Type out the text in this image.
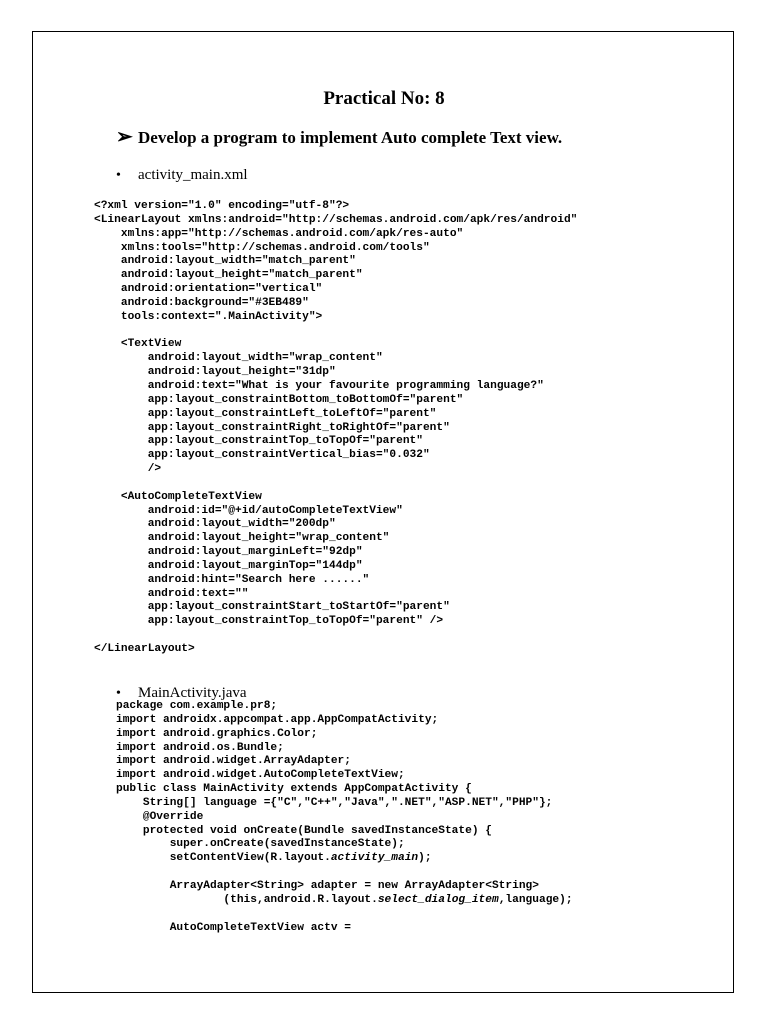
Practical No: 8
➢ Develop a program to implement Auto complete Text view.
• activity_main.xml
<?xml version="1.0" encoding="utf-8"?>
<LinearLayout xmlns:android="http://schemas.android.com/apk/res/android"
xmlns:app="http://schemas.android.com/apk/res-auto"
xmlns:tools="http://schemas.android.com/tools"
android:layout_width="match_parent"
android:layout_height="match_parent"
android:orientation="vertical"
android:background="#3EB489"
tools:context=".MainActivity">

<TextView
android:layout_width="wrap_content"
android:layout_height="31dp"
android:text="What is your favourite programming language?"
app:layout_constraintBottom_toBottomOf="parent"
app:layout_constraintLeft_toLeftOf="parent"
app:layout_constraintRight_toRightOf="parent"
app:layout_constraintTop_toTopOf="parent"
app:layout_constraintVertical_bias="0.032"
/>

<AutoCompleteTextView
android:id="@+id/autoCompleteTextView"
android:layout_width="200dp"
android:layout_height="wrap_content"
android:layout_marginLeft="92dp"
android:layout_marginTop="144dp"
android:hint="Search here ......"
android:text=""
app:layout_constraintStart_toStartOf="parent"
app:layout_constraintTop_toTopOf="parent" />

</LinearLayout>

• MainActivity.java
package com.example.pr8;
import androidx.appcompat.app.AppCompatActivity;
import android.graphics.Color;
import android.os.Bundle;
import android.widget.ArrayAdapter;
import android.widget.AutoCompleteTextView;
public class MainActivity extends AppCompatActivity {
String[] language ={"C","C++","Java",".NET","ASP.NET","PHP"};
@Override
protected void onCreate(Bundle savedInstanceState) {
super.onCreate(savedInstanceState);
setContentView(R.layout.activity_main);

ArrayAdapter<String> adapter = new ArrayAdapter<String>
(this,android.R.layout.select_dialog_item,language);

AutoCompleteTextView actv =
